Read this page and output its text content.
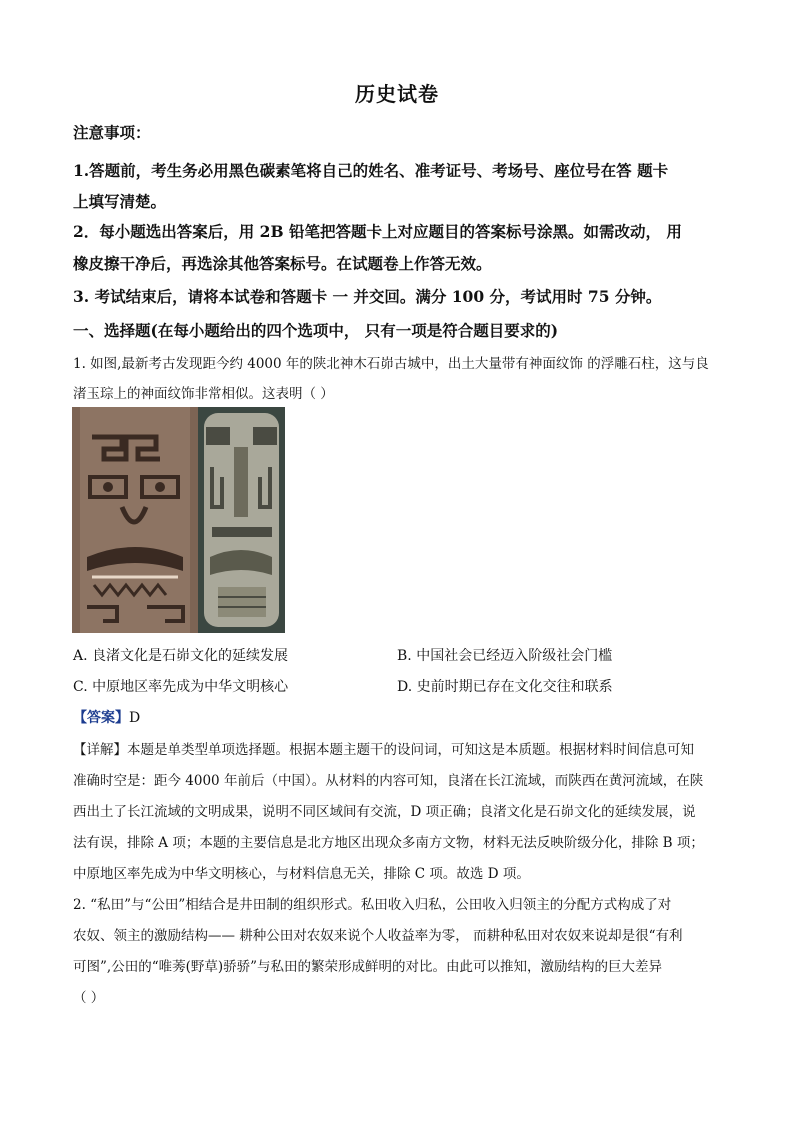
历史试卷
注意事项：
1.答题前，考生务必用黑色碳素笔将自己的姓名、准考证号、考场号、座位号在答 题卡
上填写清楚。
2．每小题选出答案后，用 2B 铅笔把答题卡上对应题目的答案标号涂黑。如需改动， 用
橡皮擦干净后，再选涂其他答案标号。在试题卷上作答无效。
3. 考试结束后，请将本试卷和答题卡 一 并交回。满分 100 分，考试用时 75 分钟。
一、选择题(在每小题给出的四个选项中， 只有一项是符合题目要求的)
1. 如图,最新考古发现距今约 4000 年的陕北神木石峁古城中，出土大量带有神面纹饰 的浮雕石柱，这与良
渚玉琮上的神面纹饰非常相似。这表明（ ）
A. 良渚文化是石峁文化的延续发展	B. 中国社会已经迈入阶级社会门槛
C. 中原地区率先成为中华文明核心	D. 史前时期已存在文化交往和联系
【答案】D
【详解】本题是单类型单项选择题。根据本题主题干的设问词，可知这是本质题。根据材料时间信息可知
准确时空是：距今 4000 年前后（中国）。从材料的内容可知，良渚在长江流域，而陕西在黄河流域，在陕
西出土了长江流域的文明成果，说明不同区域间有交流，D 项正确；良渚文化是石峁文化的延续发展，说
法有误，排除 A 项；本题的主要信息是北方地区出现众多南方文物，材料无法反映阶级分化，排除 B 项；
中原地区率先成为中华文明核心，与材料信息无关，排除 C 项。故选 D 项。
2. “私田”与“公田”相结合是井田制的组织形式。私田收入归私，公田收入归领主的分配方式构成了对
农奴、领主的激励结构—— 耕种公田对农奴来说个人收益率为零， 而耕种私田对农奴来说却是很“有利
可图”,公田的“唯莠(野草)骄骄”与私田的繁荣形成鲜明的对比。由此可以推知，激励结构的巨大差异
（ ）
